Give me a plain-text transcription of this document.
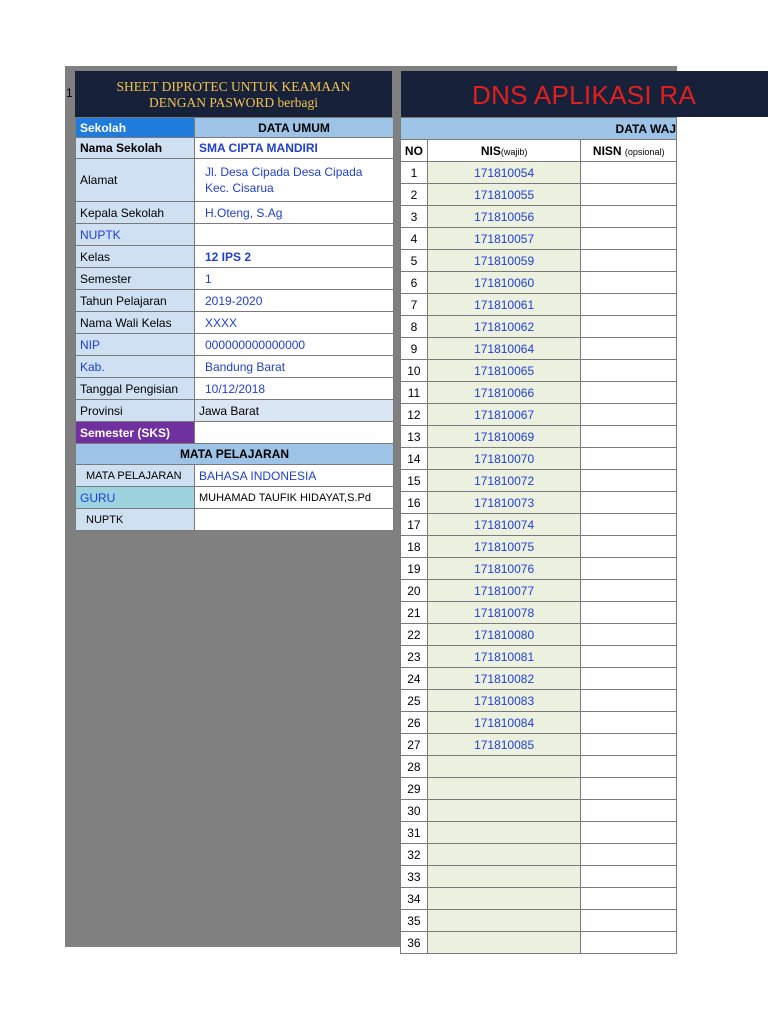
1	SHEET DIPROTEC UNTUK KEAMAAN
DENGAN PASWORD berbagi	DNS APLIKASI RA
Sekolah	DATA UMUM
Nama Sekolah	SMA CIPTA MANDIRI
Alamat	Jl. Desa Cipada Desa Cipada
Kec. Cisarua

Kepala Sekolah	H.Oteng, S.Ag
NUPTK	
Kelas	12 IPS 2
Semester	1
Tahun Pelajaran	2019-2020
Nama Wali Kelas	XXXX
NIP	000000000000000
Kab.	Bandung Barat
Tanggal Pengisian	10/12/2018
Provinsi	Jawa Barat
Semester (SKS)	
MATA PELAJARAN	
MATA PELAJARAN	BAHASA INDONESIA
GURU	MUHAMAD TAUFIK HIDAYAT,S.Pd
NUPTK	
DATA WAJ		
NO	NIS(wajib)	NISN (opsional)
1	171810054	
2	171810055	
3	171810056	
4	171810057	
5	171810059	
6	171810060	
7	171810061	
8	171810062	
9	171810064	
10	171810065	
11	171810066	
12	171810067	
13	171810069	
14	171810070	
15	171810072	
16	171810073	
17	171810074	
18	171810075	
19	171810076	
20	171810077	
21	171810078	
22	171810080	
23	171810081	
24	171810082	
25	171810083	
26	171810084	
27	171810085	
28		
29		
30		
31		
32		
33		
34		
35		
36		
